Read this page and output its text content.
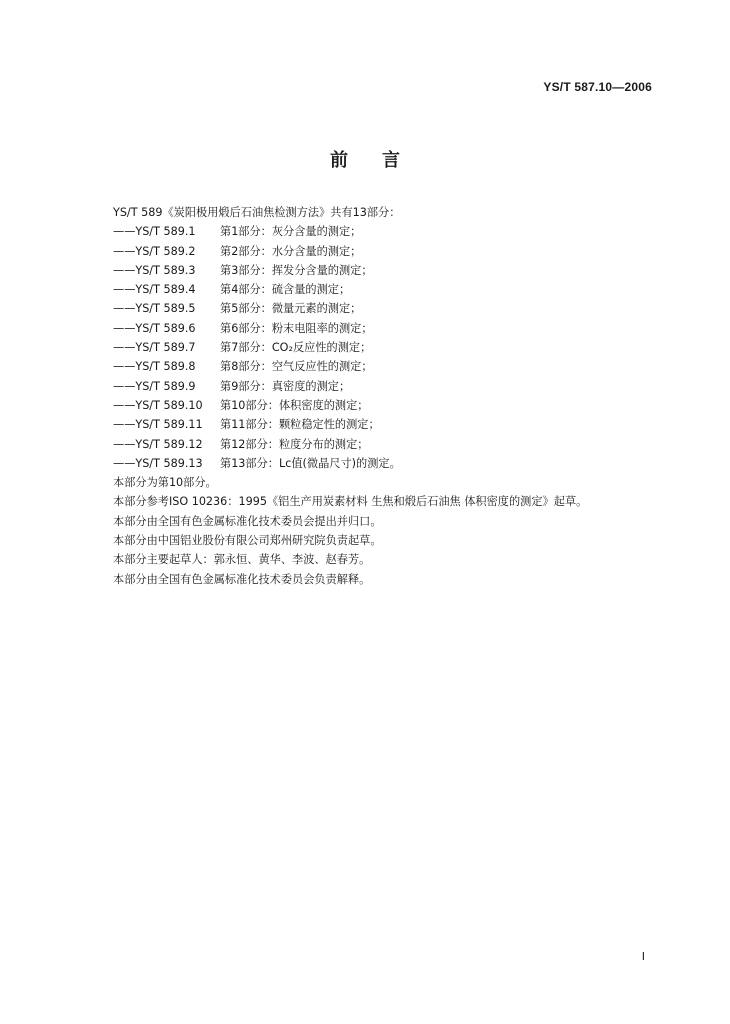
YS/T 587.10—2006
前言

YS/T 589《炭阳极用煅后石油焦检测方法》共有13部分：

——YS/T 589.1	第1部分：灰分含量的测定；
——YS/T 589.2	第2部分：水分含量的测定；
——YS/T 589.3	第3部分：挥发分含量的测定；
——YS/T 589.4	第4部分：硫含量的测定；
——YS/T 589.5	第5部分：微量元素的测定；
——YS/T 589.6	第6部分：粉末电阻率的测定；
——YS/T 589.7	第7部分：CO₂反应性的测定；
——YS/T 589.8	第8部分：空气反应性的测定；
——YS/T 589.9	第9部分：真密度的测定；
——YS/T 589.10	第10部分：体积密度的测定；
——YS/T 589.11	第11部分：颗粒稳定性的测定；
——YS/T 589.12	第12部分：粒度分布的测定；
——YS/T 589.13	第13部分：Lc值(微晶尺寸)的测定。

本部分为第10部分。

本部分参考ISO 10236：1995《铝生产用炭素材料 生焦和煅后石油焦 体积密度的测定》起草。

本部分由全国有色金属标准化技术委员会提出并归口。

本部分由中国铝业股份有限公司郑州研究院负责起草。

本部分主要起草人：郭永恒、黄华、李波、赵春芳。

本部分由全国有色金属标准化技术委员会负责解释。

I
